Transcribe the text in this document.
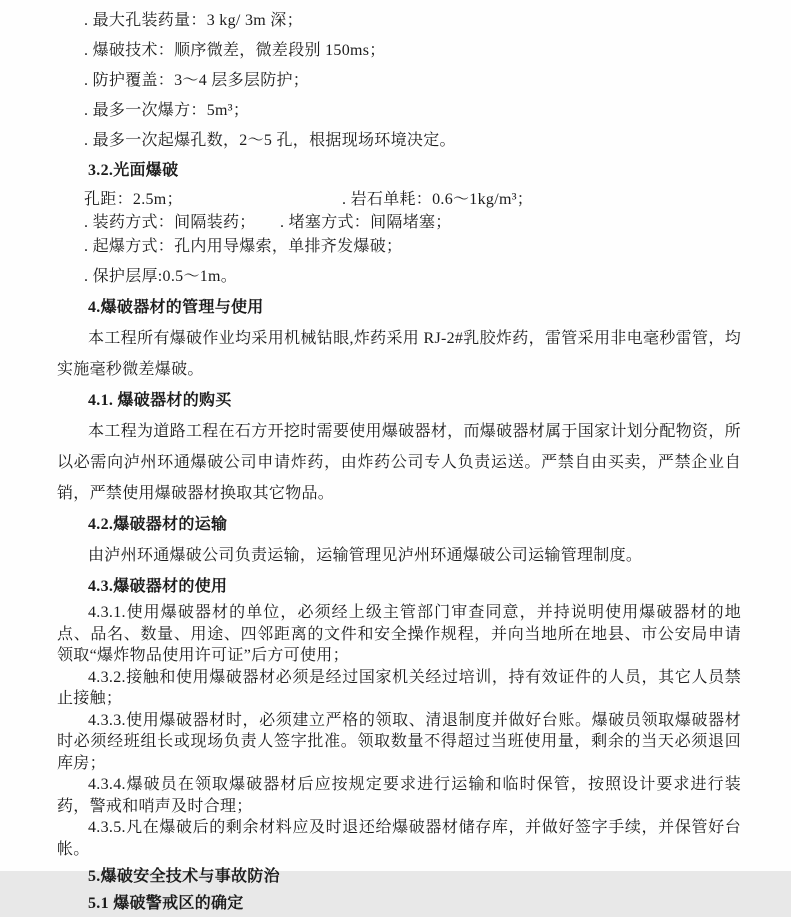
. 最大孔装药量：3 kg/ 3m 深；
. 爆破技术：顺序微差，微差段别 150ms；
. 防护覆盖：3～4 层多层防护；
. 最多一次爆方：5m³；
. 最多一次起爆孔数，2～5 孔，根据现场环境决定。
3.2.光面爆破
孔距：2.5m；	. 岩石单耗：0.6～1kg/m³；
. 装药方式：间隔装药； . 堵塞方式：间隔堵塞；
. 起爆方式：孔内用导爆索，单排齐发爆破；
. 保护层厚:0.5～1m。
4.爆破器材的管理与使用
本工程所有爆破作业均采用机械钻眼,炸药采用 RJ-2#乳胶炸药，雷管采用非电毫秒雷管，均实施毫秒微差爆破。
4.1. 爆破器材的购买
本工程为道路工程在石方开挖时需要使用爆破器材，而爆破器材属于国家计划分配物资，所以必需向泸州环通爆破公司申请炸药，由炸药公司专人负责运送。严禁自由买卖，严禁企业自销，严禁使用爆破器材换取其它物品。
4.2.爆破器材的运输
由泸州环通爆破公司负责运输，运输管理见泸州环通爆破公司运输管理制度。
4.3.爆破器材的使用
4.3.1.使用爆破器材的单位，必须经上级主管部门审查同意，并持说明使用爆破器材的地点、品名、数量、用途、四邻距离的文件和安全操作规程，并向当地所在地县、市公安局申请领取“爆炸物品使用许可证”后方可使用；
4.3.2.接触和使用爆破器材必须是经过国家机关经过培训，持有效证件的人员，其它人员禁止接触；
4.3.3.使用爆破器材时，必须建立严格的领取、清退制度并做好台账。爆破员领取爆破器材时必须经班组长或现场负责人签字批准。领取数量不得超过当班使用量，剩余的当天必须退回库房；
4.3.4.爆破员在领取爆破器材后应按规定要求进行运输和临时保管，按照设计要求进行装药，警戒和哨声及时合理；
4.3.5.凡在爆破后的剩余材料应及时退还给爆破器材储存库，并做好签字手续，并保管好台帐。
5.爆破安全技术与事故防治
5.1 爆破警戒区的确定
